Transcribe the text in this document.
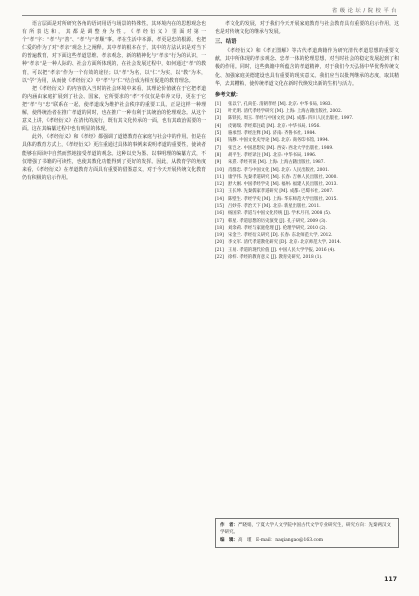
省 级 论 坛 / 院 校 平 台

语言层面是对所研究各角的语词用语与场景的特殊性。其环境内在的思想观念也有所表达和，其都是调整身为性。《孝经衍义》里面对第一个“孝”字：“孝”与“善”、“孝”与“孝顺”事。孝在生活中本源，孝更是忠的根源，也把仁爱的作为了对“孝亲”观念上之阐释。其中孝的根本在于，其中的方法认识是对当下的普遍教育，对下面这些孝道思维、孝亲观念，新的精神化与“孝亲”行为的认识，一种“孝亲”是一种人际的、社会方面所体现的，在社会发展过程中，如何通过“孝”的教育，可以把“孝亲”作为一个有效的途径；以“孝”为名，以“仁”为实，以“教”为本，以“学”为用，从而使《孝经衍义》中“孝”与“仁”结合成为相互促进的教育理念。

把《孝经衍义》的内容放入当时的社会环境中来看，其理论价值就在于它把孝道的内涵由家庭扩展到了社会、国家，它所要求的“孝”不仅仅是奉养父母，更在于它把“孝”与“忠”联系在一起，使孝道成为维护社会秩序的重要工具。正是这样一种理解，使得统治者在推广孝道的同时，也在推广一种有利于其统治的伦理观念。从这个意义上讲，《孝经衍义》在清代的流行，既有其文化传承的一面，也有其政治需要的一面。这在其编纂过程中也有明显的体现。

此外，《孝经衍义》和《孝经》都强调了道德教育在家庭与社会中的作用。但是在具体的教育方式上，《孝经衍义》更注重通过具体的事例来说明孝道的重要性，使读者能够在阅读中自然而然地接受孝道的观念。这种以史为鉴、以事明理的编纂方式，不仅增强了书籍的可读性，也使其教化功能得到了更好的发挥。因此，从教育学的角度来看，《孝经衍义》在孝道教育方面具有重要的借鉴意义，对于今天开展传统文化教育仍有积极的启示作用。

孝文化的发展，对于我们今天开展家庭教育与社会教育具有重要的启示作用，这也是对传统文化的继承与发展。

三、结语

《孝经衍义》和《孝正图解》等古代孝道典籍作为研究清代孝道思想的重要文献，其中所体现的孝亲观念、忠孝一体的伦理思想，对当时社会的稳定发展起到了积极的作用。同时，这些典籍中所蕴含的孝道精神，对于我们今天弘扬中华优秀传统文化、加强家庭美德建设也具有重要的现实意义。我们应当以批判继承的态度，取其精华，去其糟粕，使传统孝道文化在新时代焕发出新的生机与活力。

参考文献：
[1]	张以宁, 孔尚任. 清朝孝经 [M]. 北京: 中华书局, 1983.
[2]	叶光明. 清代孝经学研究 [M]. 上海: 上海古籍出版社, 2002.
[3]	陈铁民, 周玉. 孝经与中国文化 [M]. 成都: 四川人民出版社, 1997.
[4]	皮锡瑞. 孝经郑注疏 [M]. 北京: 中华书局, 1956.
[5]	骆承烈. 孝经注释 [M]. 济南: 齐鲁书社, 1984.
[6]	钱穆. 中国文化史导论 [M]. 北京: 商务印书馆, 1994.
[7]	张岂之. 中国思想史 [M]. 西安: 西北大学出版社, 1989.
[8]	胡平生. 孝经译注 [M]. 北京: 中华书局, 1996.
[9]	朱熹. 孝经刊误 [M]. 上海: 上海古籍出版社, 1987.
[10] 肖群忠. 孝与中国文化 [M]. 北京: 人民出版社, 2001.
[11] 康学伟. 先秦孝道研究 [M]. 长春: 吉林人民出版社, 2000.
[12] 舒大刚. 中国孝经学史 [M]. 福州: 福建人民出版社, 2013.
[13] 王长坤. 先秦儒家孝道研究 [M]. 成都: 巴蜀书社, 2007.
[14] 陈壁生. 孝经学史 [M]. 上海: 华东师范大学出版社, 2015.
[15] 吕妙芬. 孝治天下 [M]. 北京: 新星出版社, 2011.
[16] 杨国荣. 孝道与中国文化传统 [J]. 学术月刊, 2008 (5).
[17] 韩星. 孝道思想的历史演变 [J]. 孔子研究, 2009 (3).
[18] 刘余莉. 孝经与家庭伦理 [J]. 伦理学研究, 2010 (2).
[19] 宋金兰. 孝经衍义研究 [D]. 长春: 东北师范大学, 2012.
[20] 李文军. 清代孝道教化研究 [D]. 北京: 北京师范大学, 2014.
[21] 王易. 孝道的现代价值 [J]. 中国人民大学学报, 2016 (4).
[22] 徐梓. 孝经的教育意义 [J]. 教育史研究, 2018 (1).
作　者：严晓娟，宁夏大学人文学院中国古代文学专业研究生，研究方向：先秦两汉文学研究。
编　辑：高　瑾　E-mail：naqiangao@163.com
117
